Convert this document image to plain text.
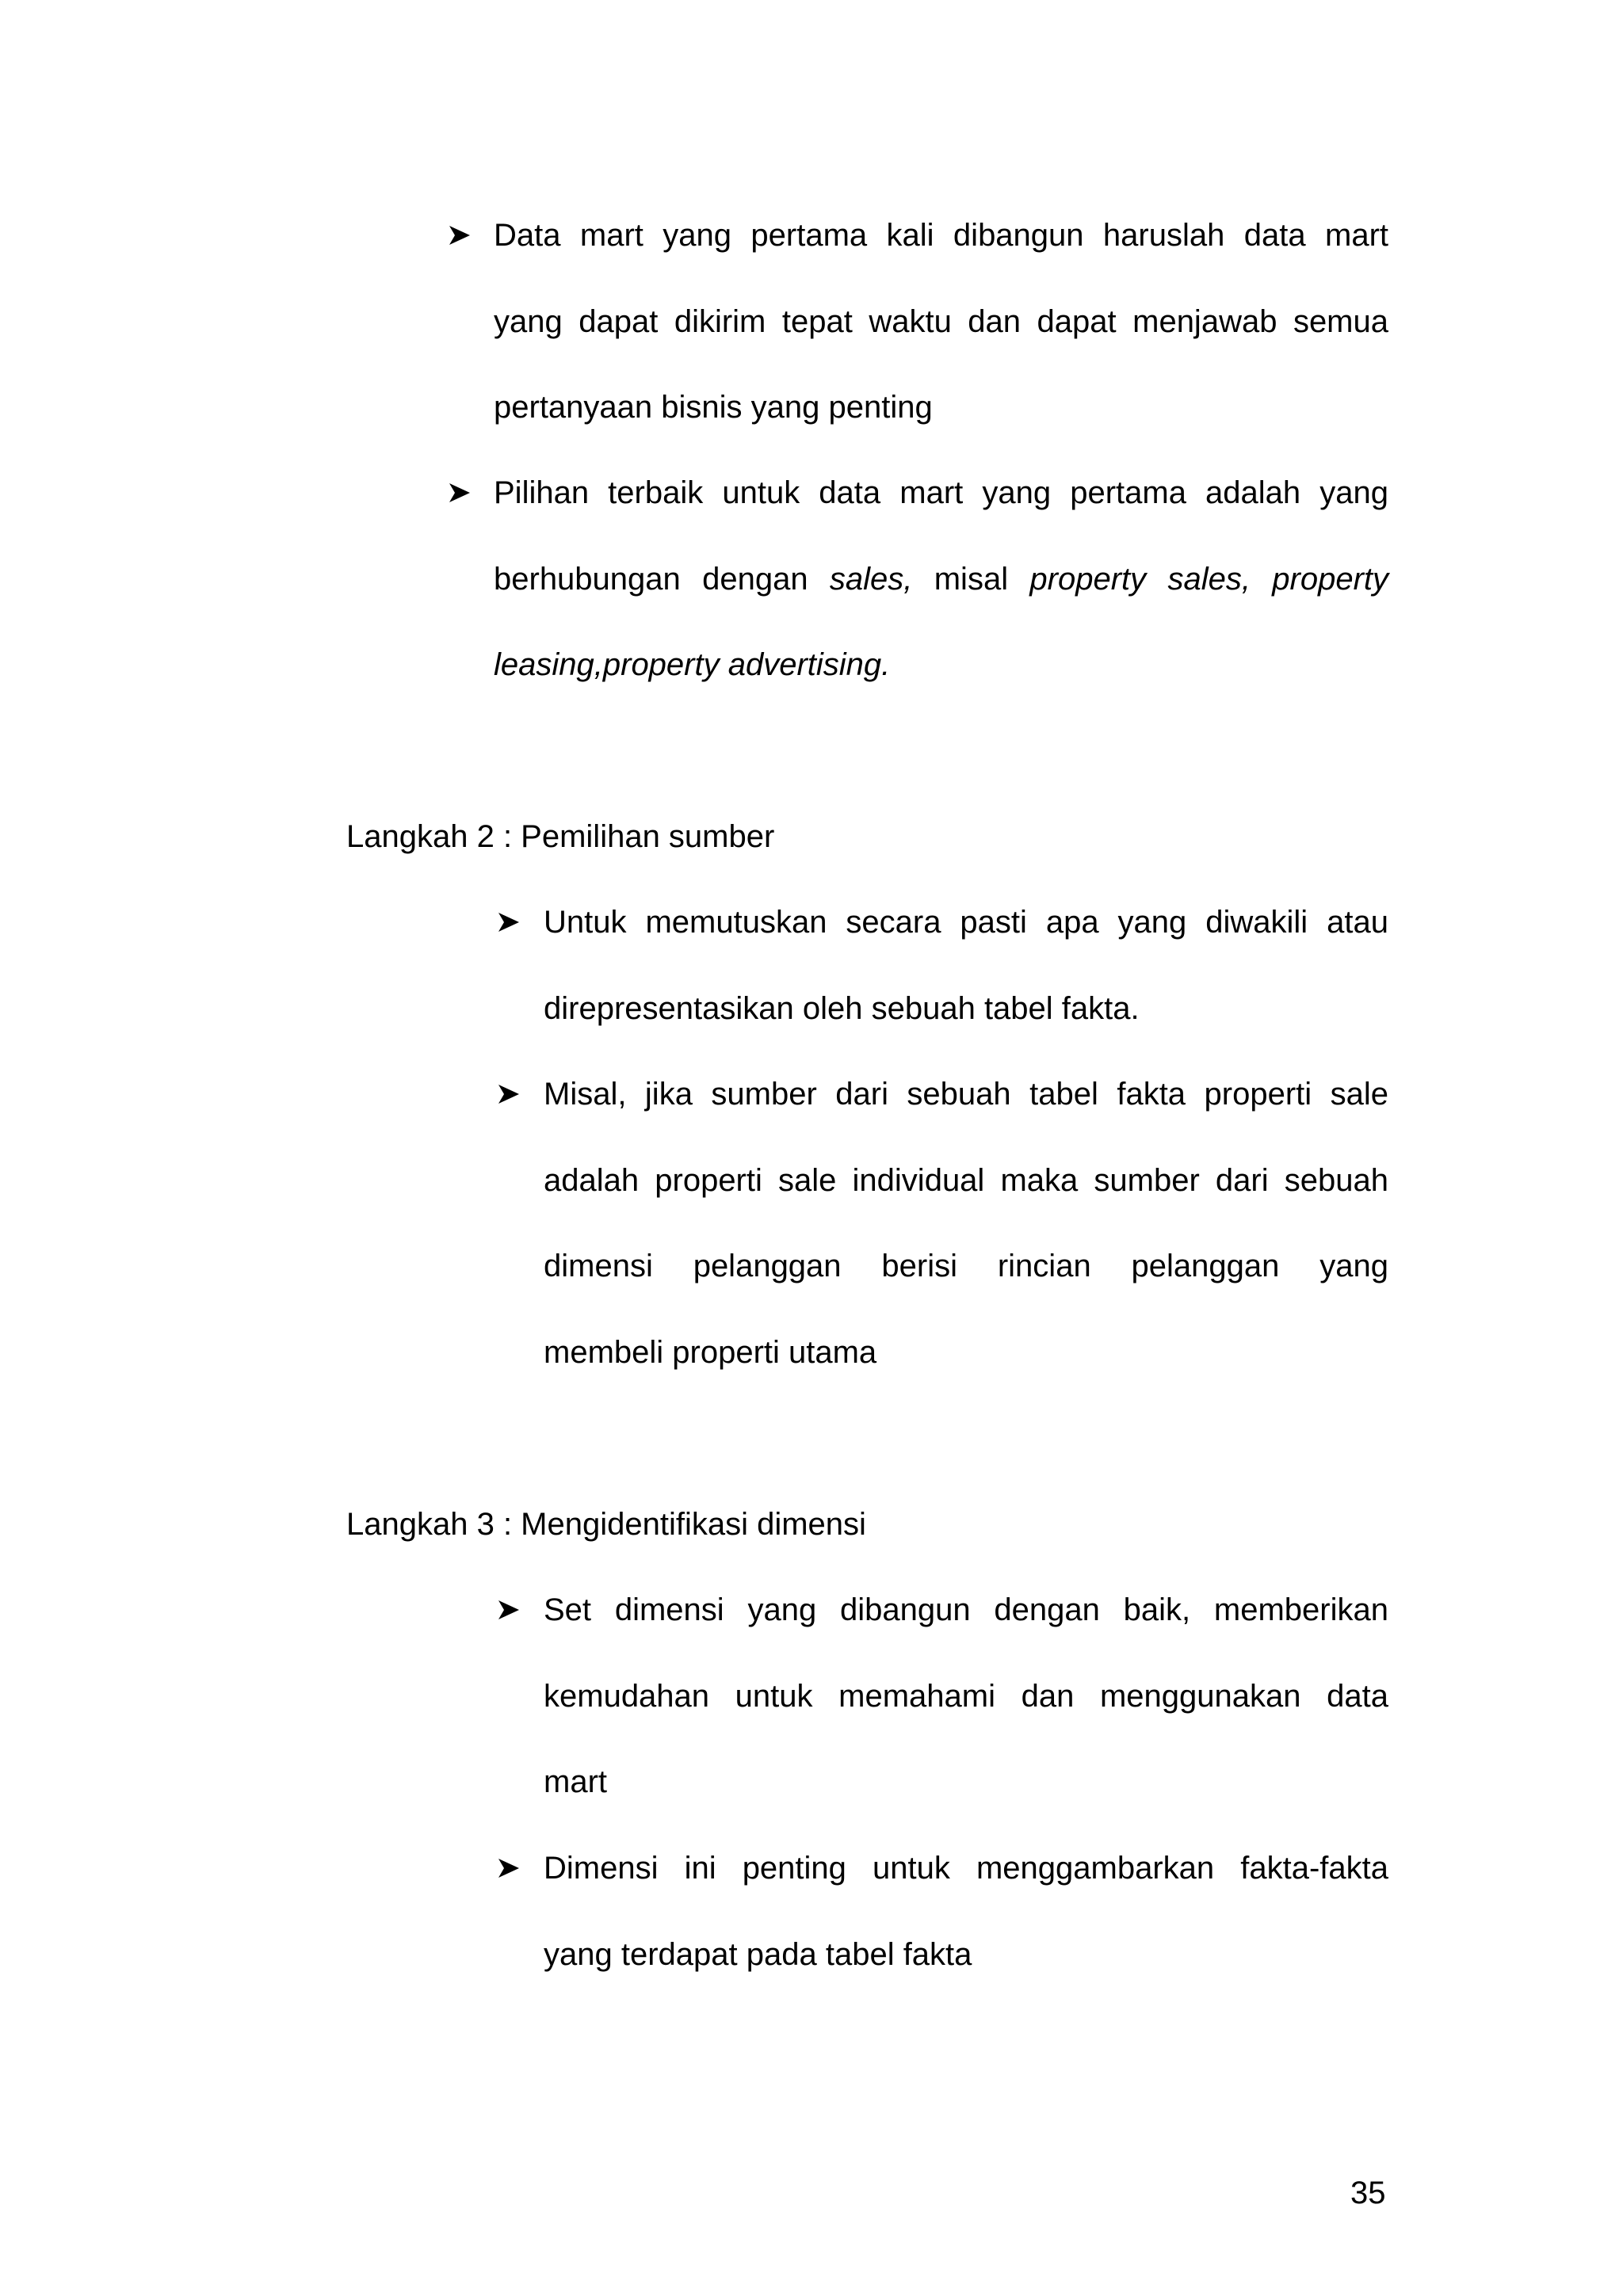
Data mart yang pertama kali dibangun haruslah data mart
yang dapat dikirim tepat waktu dan dapat menjawab semua
pertanyaan bisnis yang penting
Pilihan terbaik untuk data mart yang pertama adalah yang
berhubungan dengan sales, misal property sales, property
leasing,property advertising.
Langkah 2 : Pemilihan sumber
Untuk memutuskan secara pasti apa yang diwakili atau
direpresentasikan oleh sebuah tabel fakta.
Misal, jika sumber dari sebuah tabel fakta properti sale
adalah properti sale individual maka sumber dari sebuah
dimensi pelanggan berisi rincian pelanggan yang
membeli properti utama
Langkah 3 : Mengidentifikasi dimensi
Set dimensi yang dibangun dengan baik, memberikan
kemudahan untuk memahami dan menggunakan data
mart
Dimensi ini penting untuk menggambarkan fakta-fakta
yang terdapat pada tabel fakta
35
